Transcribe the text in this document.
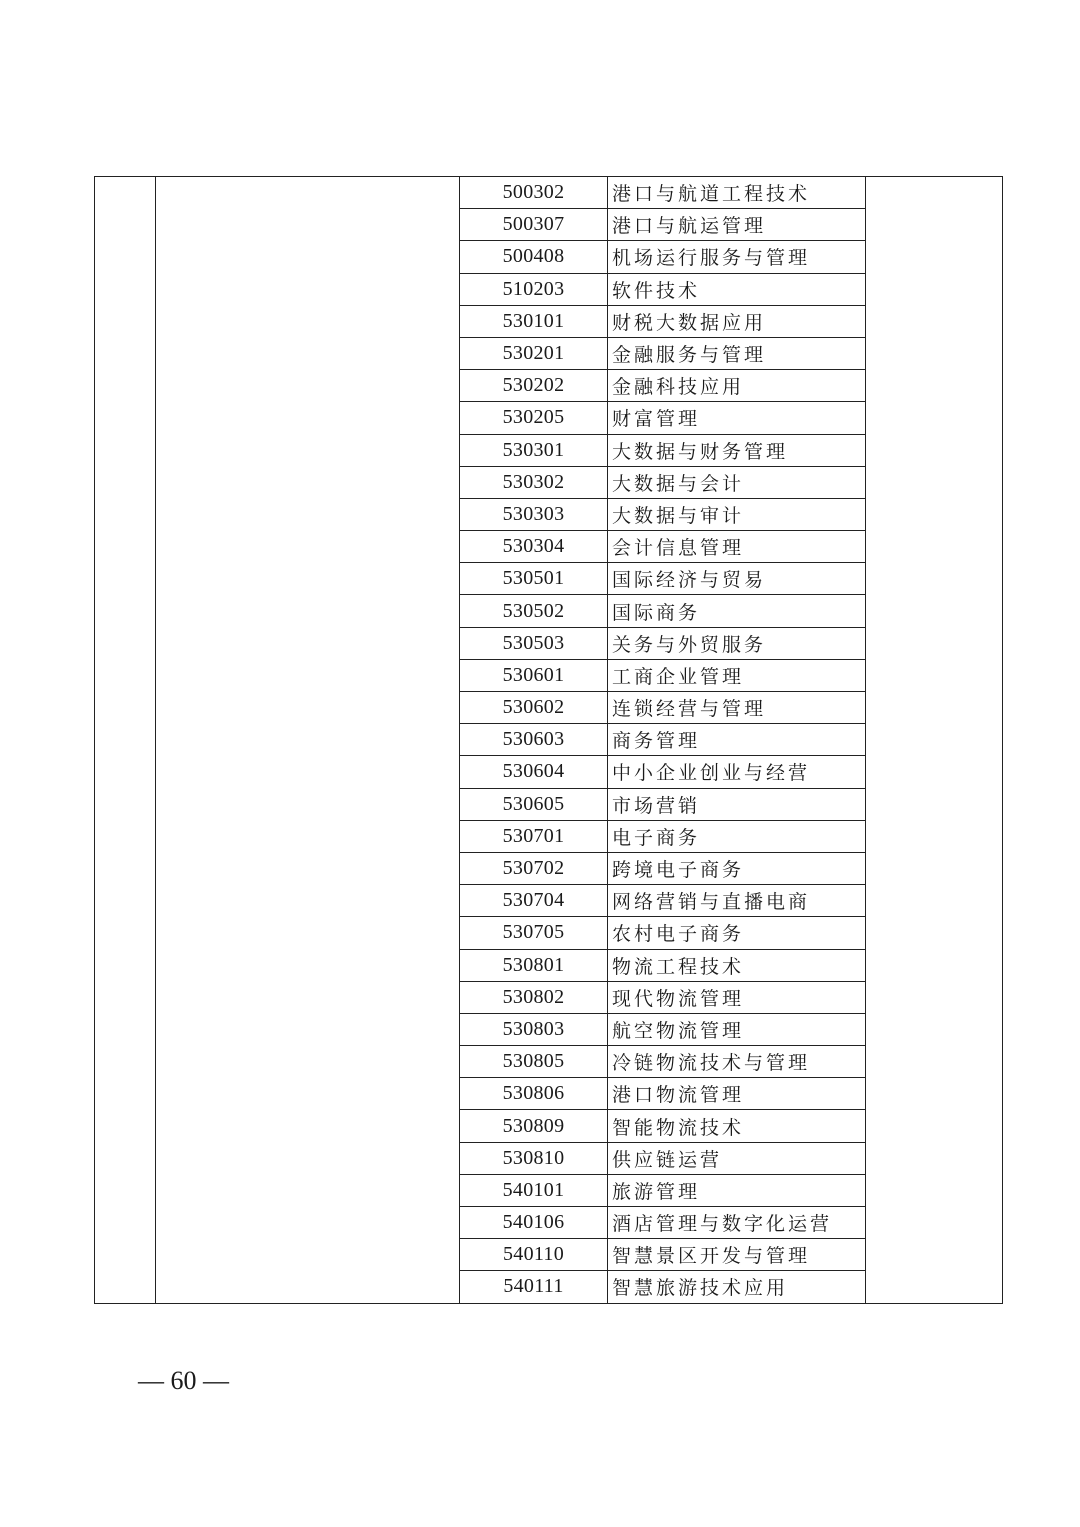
		500302	港口与航道工程技术	
		500307	港口与航运管理	
		500408	机场运行服务与管理	
		510203	软件技术	
		530101	财税大数据应用	
		530201	金融服务与管理	
		530202	金融科技应用	
		530205	财富管理	
		530301	大数据与财务管理	
		530302	大数据与会计	
		530303	大数据与审计	
		530304	会计信息管理	
		530501	国际经济与贸易	
		530502	国际商务	
		530503	关务与外贸服务	
		530601	工商企业管理	
		530602	连锁经营与管理	
		530603	商务管理	
		530604	中小企业创业与经营	
		530605	市场营销	
		530701	电子商务	
		530702	跨境电子商务	
		530704	网络营销与直播电商	
		530705	农村电子商务	
		530801	物流工程技术	
		530802	现代物流管理	
		530803	航空物流管理	
		530805	冷链物流技术与管理	
		530806	港口物流管理	
		530809	智能物流技术	
		530810	供应链运营	
		540101	旅游管理	
		540106	酒店管理与数字化运营	
		540110	智慧景区开发与管理	
		540111	智慧旅游技术应用	
— 60 —
